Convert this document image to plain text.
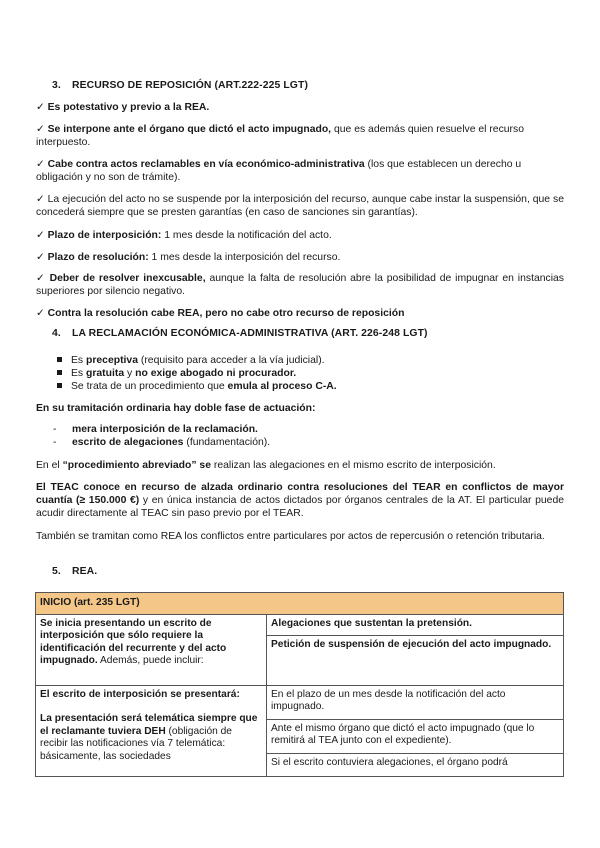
3. RECURSO DE REPOSICIÓN (ART.222-225 LGT)

✓ Es potestativo y previo a la REA.

✓ Se interpone ante el órgano que dictó el acto impugnado, que es además quien resuelve el recurso interpuesto.

✓ Cabe contra actos reclamables en vía económico-administrativa (los que establecen un derecho u obligación y no son de trámite).

✓ La ejecución del acto no se suspende por la interposición del recurso, aunque cabe instar la suspensión, que se concederá siempre que se presten garantías (en caso de sanciones sin garantías).

✓ Plazo de interposición: 1 mes desde la notificación del acto.

✓ Plazo de resolución: 1 mes desde la interposición del recurso.

✓ Deber de resolver inexcusable, aunque la falta de resolución abre la posibilidad de impugnar en instancias superiores por silencio negativo.

✓ Contra la resolución cabe REA, pero no cabe otro recurso de reposición

4. LA RECLAMACIÓN ECONÓMICA-ADMINISTRATIVA (ART. 226-248 LGT)
Es preceptiva (requisito para acceder a la vía judicial).
Es gratuita y no exige abogado ni procurador.
Se trata de un procedimiento que emula al proceso C-A.

En su tramitación ordinaria hay doble fase de actuación:

- mera interposición de la reclamación.
- escrito de alegaciones (fundamentación).

En el “procedimiento abreviado” se realizan las alegaciones en el mismo escrito de interposición.

El TEAC conoce en recurso de alzada ordinario contra resoluciones del TEAR en conflictos de mayor cuantía (≥ 150.000 €) y en única instancia de actos dictados por órganos centrales de la AT. El particular puede acudir directamente al TEAC sin paso previo por el TEAR.

También se tramitan como REA los conflictos entre particulares por actos de repercusión o retención tributaria.

5. REA.
INICIO (art. 235 LGT)	
Se inicia presentando un escrito de interposición que sólo requiere la identificación del recurrente y del acto impugnado. Además, puede incluir:	Alegaciones que sustentan la pretensión.
	Petición de suspensión de ejecución del acto impugnado.

El escrito de interposición se presentará:
La presentación será telemática siempre que el reclamante tuviera DEH (obligación de recibir las notificaciones vía 7 telemática: básicamente, las sociedades	En el plazo de un mes desde la notificación del acto impugnado.
	Ante el mismo órgano que dictó el acto impugnado (que lo remitirá al TEA junto con el expediente).
	Si el escrito contuviera alegaciones, el órgano podrá
